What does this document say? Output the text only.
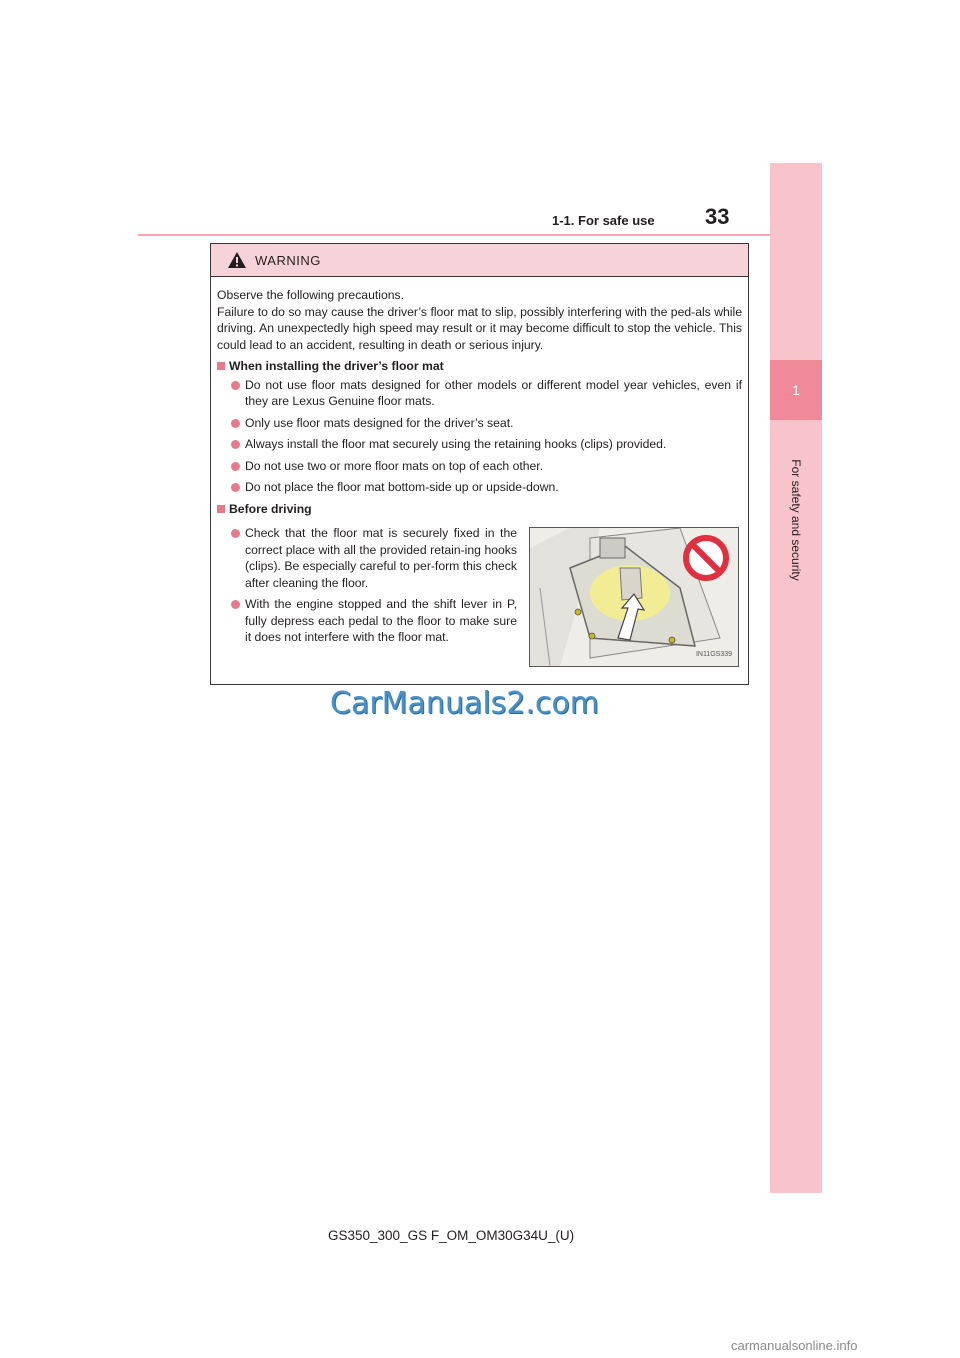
1-1. For safe use 33
1
For safety and security
WARNING

Observe the following precautions.

Failure to do so may cause the driver’s floor mat to slip, possibly interfering with the ped-als while driving. An unexpectedly high speed may result or it may become difficult to stop the vehicle. This could lead to an accident, resulting in death or serious injury.

When installing the driver’s floor mat
Do not use floor mats designed for other models or different model year vehicles, even if they are Lexus Genuine floor mats.
Only use floor mats designed for the driver’s seat.
Always install the floor mat securely using the retaining hooks (clips) provided.
Do not use two or more floor mats on top of each other.
Do not place the floor mat bottom-side up or upside-down.
Before driving
Check that the floor mat is securely fixed in the correct place with all the provided retain-ing hooks (clips). Be especially careful to per-form this check after cleaning the floor.
With the engine stopped and the shift lever in P, fully depress each pedal to the floor to make sure it does not interfere with the floor mat.
IN11GS339
CarManuals2.com
GS350_300_GS F_OM_OM30G34U_(U)
carmanualsonline.info
